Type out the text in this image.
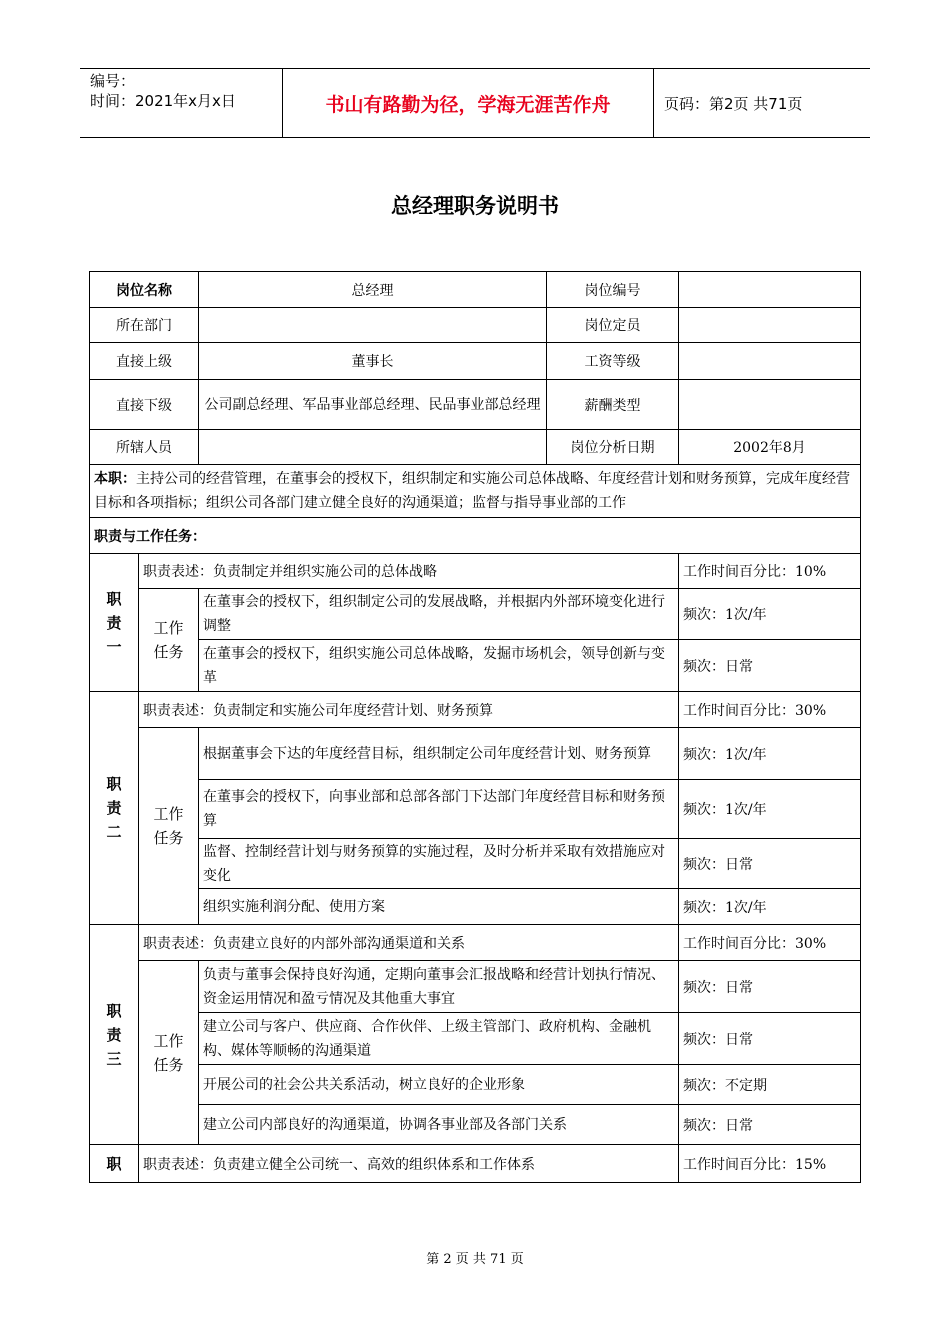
编号：
时间：2021年x月x日	书山有路勤为径，学海无涯苦作舟	页码：第2页 共71页
总经理职务说明书
岗位名称		总经理	岗位编号	
所在部门			岗位定员	
直接上级		董事长	工资等级	
直接下级		公司副总经理、军品事业部总经理、民品事业部总经理	薪酬类型	
所辖人员			岗位分析日期	2002年8月
本职：主持公司的经营管理，在董事会的授权下，组织制定和实施公司总体战略、年度经营计划和财务预算，完成年度经营目标和各项指标；组织公司各部门建立健全良好的沟通渠道；监督与指导事业部的工作				
职责与工作任务：				
职责一	职责表述：负责制定并组织实施公司的总体战略			工作时间百分比：10%
	工作任务	在董事会的授权下，组织制定公司的发展战略，并根据内外部环境变化进行调整		频次：1次/年
		在董事会的授权下，组织实施公司总体战略，发掘市场机会，领导创新与变革		频次：日常
职责二	职责表述：负责制定和实施公司年度经营计划、财务预算			工作时间百分比：30%
	工作任务	根据董事会下达的年度经营目标，组织制定公司年度经营计划、财务预算		频次：1次/年
		在董事会的授权下，向事业部和总部各部门下达部门年度经营目标和财务预算		频次：1次/年
		监督、控制经营计划与财务预算的实施过程，及时分析并采取有效措施应对变化		频次：日常
		组织实施利润分配、使用方案		频次：1次/年
职责三	职责表述：负责建立良好的内部外部沟通渠道和关系			工作时间百分比：30%
	工作任务	负责与董事会保持良好沟通，定期向董事会汇报战略和经营计划执行情况、资金运用情况和盈亏情况及其他重大事宜		频次：日常
		建立公司与客户、供应商、合作伙伴、上级主管部门、政府机构、金融机构、媒体等顺畅的沟通渠道		频次：日常
		开展公司的社会公共关系活动，树立良好的企业形象		频次：不定期
		建立公司内部良好的沟通渠道，协调各事业部及各部门关系		频次：日常
职	职责表述：负责建立健全公司统一、高效的组织体系和工作体系			工作时间百分比：15%
第 2 页 共 71 页
